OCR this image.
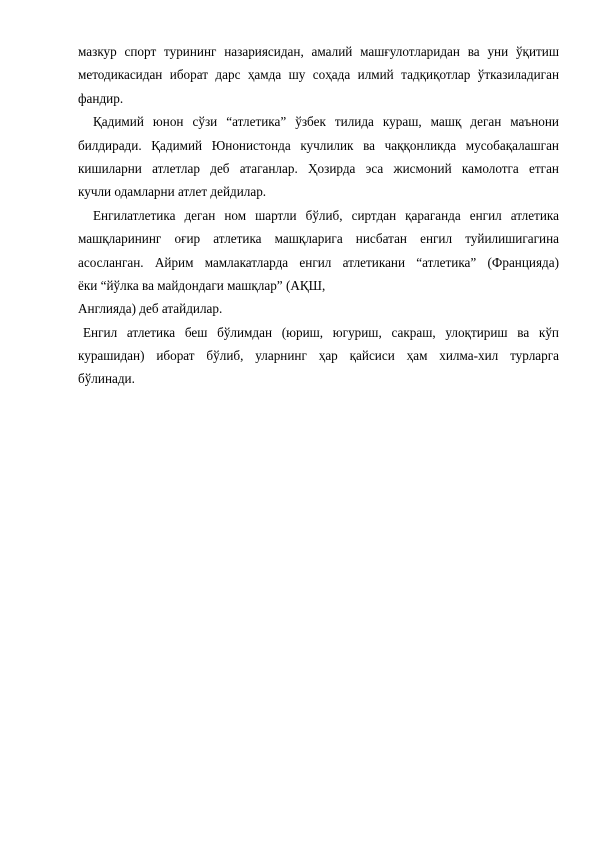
мазкур спорт турининг назариясидан, амалий машғулотларидан ва уни ўқитиш
методикасидан иборат дарс ҳамда шу соҳада илмий тадқиқотлар ўтказиладиган
фандир.
Қадимий юнон сўзи “атлетика” ўзбек тилида кураш, машқ деган маънони
билдиради. Қадимий Юнонистонда кучлилик ва чаққонликда мусобақалашган
кишиларни атлетлар деб атаганлар. Ҳозирда эса жисмоний камолотга етган
кучли одамларни атлет дейдилар.
Енгилатлетика деган ном шартли бўлиб, сиртдан қараганда енгил атлетика
машқларининг оғир атлетика машқларига нисбатан енгил туйилишигагина
асосланган. Айрим мамлакатларда енгил атлетикани “атлетика” (Францияда)
ёки “йўлка ва майдондаги машқлар” (АҚШ,
Англияда) деб атайдилар.
Енгил атлетика беш бўлимдан (юриш, югуриш, сакраш, улоқтириш ва кўп
курашидан) иборат бўлиб, уларнинг ҳар қайсиси ҳам хилма-хил турларга
бўлинади.
